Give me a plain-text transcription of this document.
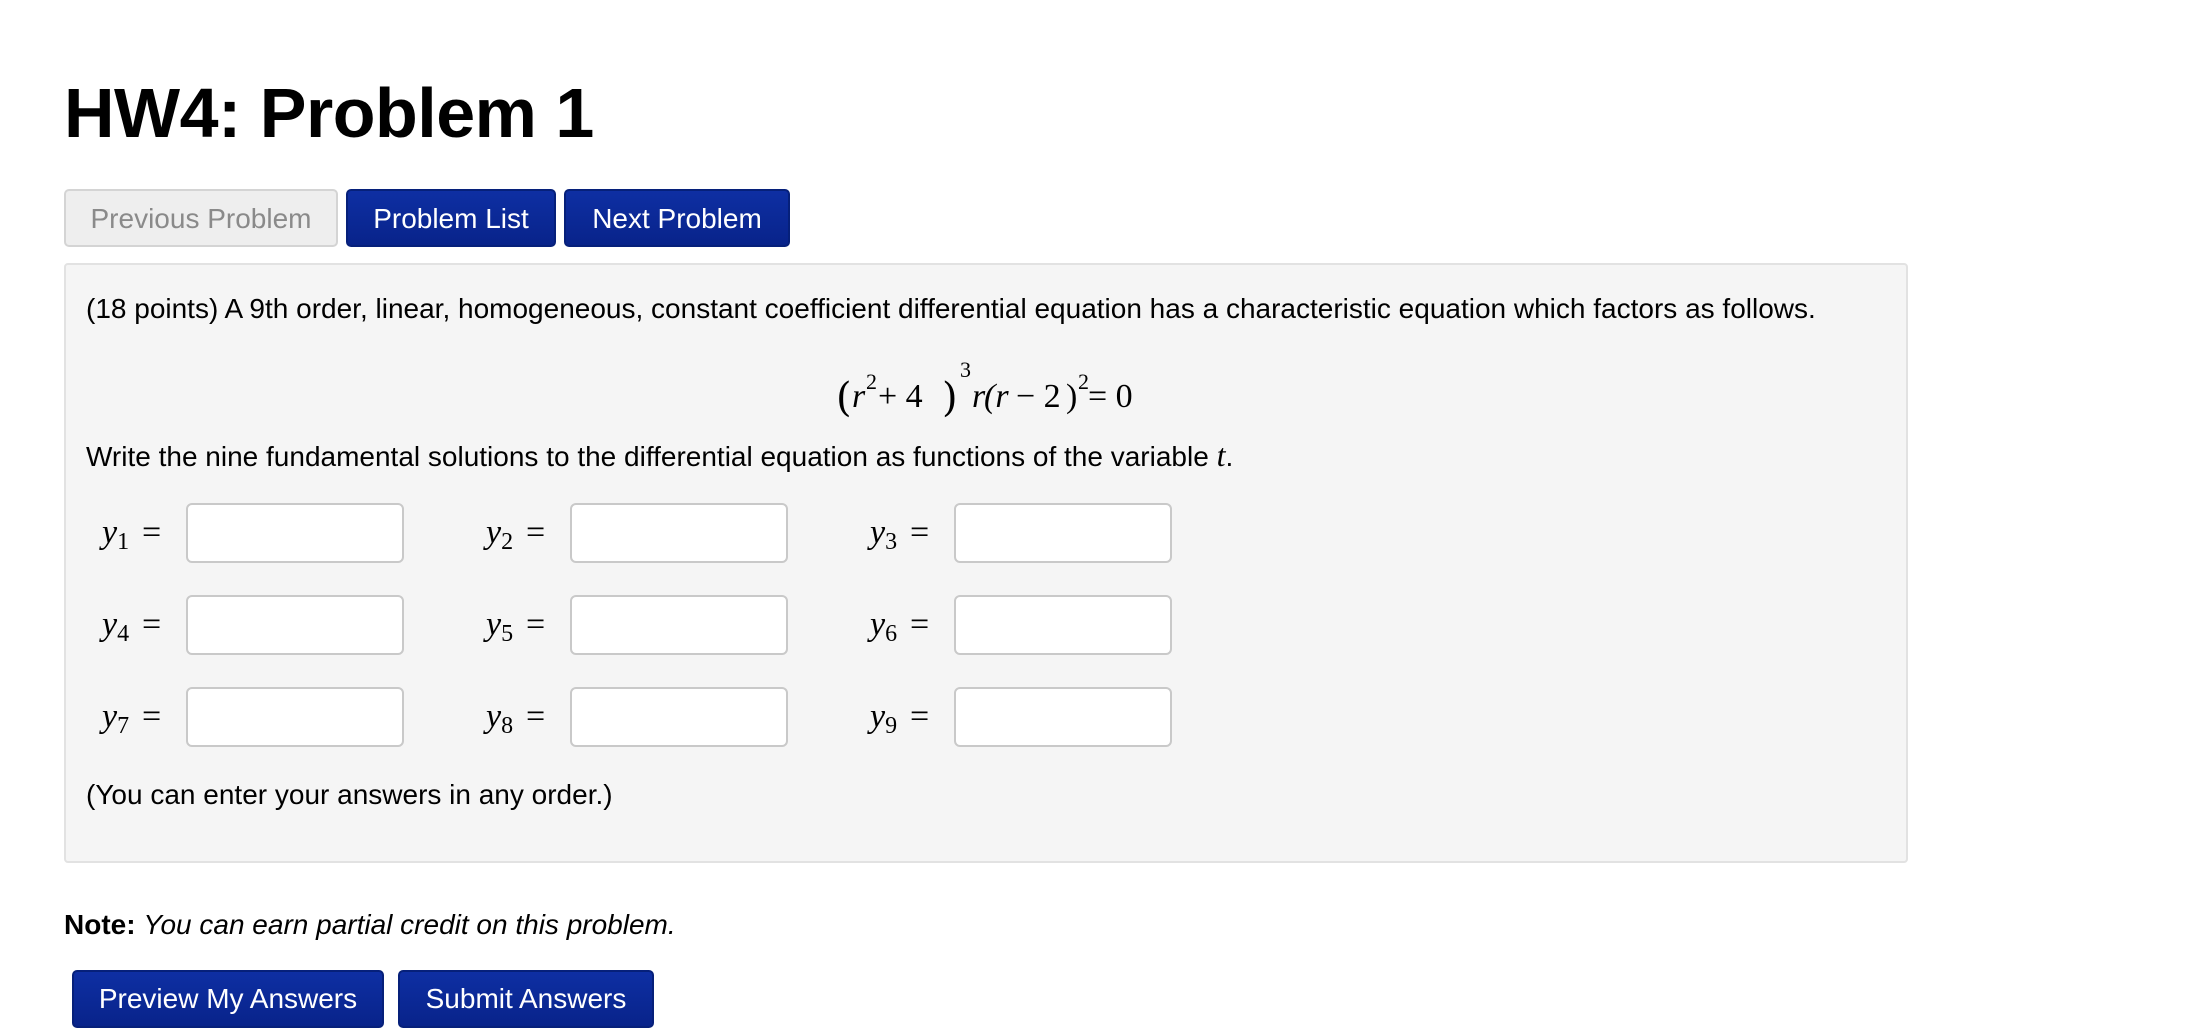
HW4: Problem 1
Previous Problem	Problem List	Next Problem
(18 points) A 9th order, linear, homogeneous, constant coefficient differential equation has a characteristic equation which factors as follows.
( r 2 + 4 )
3
r
(r − 2 ) 2 = 0
Write the nine fundamental solutions to the differential equation as functions of the variable t.
y1 =	y2 =	y3 =
y4 =	y5 =	y6 =
y7 =	y8 =	y9 =
(You can enter your answers in any order.)
Note: You can earn partial credit on this problem.
Preview My Answers	Submit Answers
